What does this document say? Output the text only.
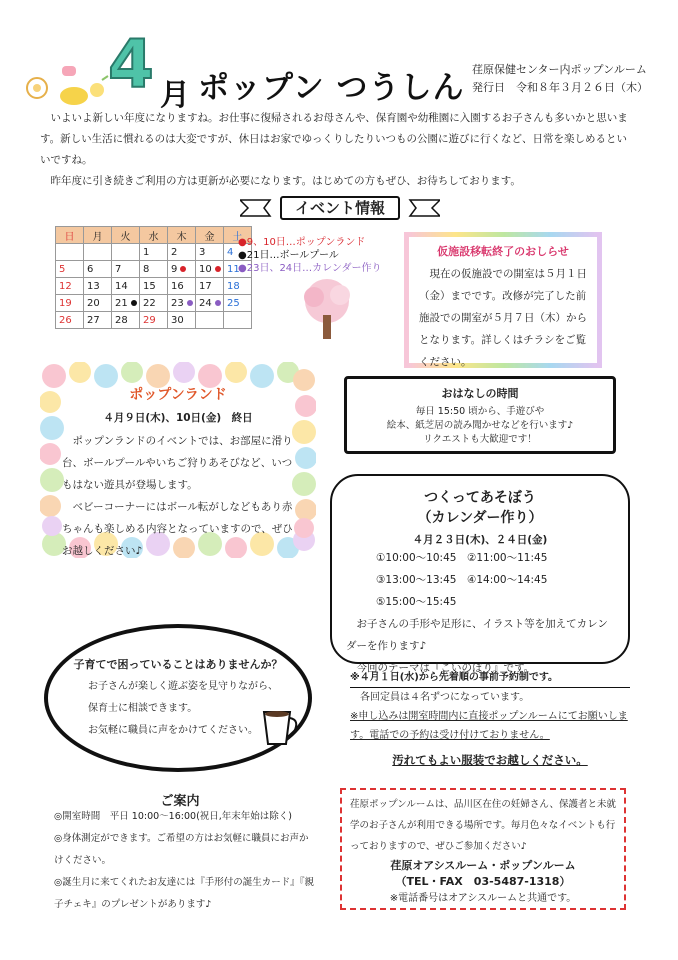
4 月 ポップン つうしん
荏原保健センター内ポップンルーム
発行日　令和８年３月２６日（木）
いよいよ新しい年度になりますね。お仕事に復帰されるお母さんや、保育園や幼稚園に入園するお子さんも多いかと思います。新しい生活に慣れるのは大変ですが、休日はお家でゆっくりしたりいつもの公園に遊びに行くなど、日常を楽しめるといいですね。
昨年度に引き続きご利用の方は更新が必要になります。はじめての方もぜひ、お待ちしております。
イベント情報
日	月	火	水	木	金	土
			1	2	3	4
5	6	7	8	9	10	11
12	13	14	15	16	17	18
19	20	21	22	23	24	25
26	27	28	29	30		
●9、10日…ポップンランド
●21日…ボールプール
●23日、24日…カレンダー作り
仮施設移転終了のおしらせ
現在の仮施設での開室は５月１日（金）までです。改修が完了した前施設での開室が５月７日（木）からとなります。詳しくはチラシをご覧ください。
ポップンランド
４月９日(木)、10日(金)　終日
ポップンランドのイベントでは、お部屋に滑り台、ボールプールやいちご狩りあそびなど、いつもはない遊具が登場します。
ベビーコーナーにはボール転がしなどもあり赤ちゃんも楽しめる内容となっていますので、ぜひお越しください♪
おはなしの時間
毎日 15:50 頃から、手遊びや
絵本、紙芝居の読み聞かせなどを行います♪
リクエストも大歓迎です！
つくってあそぼう
（カレンダー作り）
４月２３日(木)、２４日(金)
①10:00～10:45　 ②11:00～11:45
③13:00～13:45　 ④14:00～14:45
⑤15:00～15:45
お子さんの手形や足形に、イラスト等を加えてカレンダーを作ります♪
今回のテーマは『こいのぼり』です。
※４月１日(水)から先着順の事前予約制です。
各回定員は４名ずつになっています。
※申し込みは開室時間内に直接ポップンルームにてお願いします。電話での予約は受け付けておりません。
汚れてもよい服装でお越しください。
子育てで困っていることはありませんか？
お子さんが楽しく遊ぶ姿を見守りながら、
保育士に相談できます。
お気軽に職員に声をかけてください。
ご案内
◎開室時間　平日 10:00～16:00(祝日,年末年始は除く)
◎身体測定ができます。ご希望の方はお気軽に職員にお声かけください。
◎誕生月に来てくれたお友達には『手形付の誕生カード』『親子チェキ』のプレゼントがあります♪
荏原ポップンルームは、品川区在住の妊婦さん、保護者と未就学のお子さんが利用できる場所です。毎月色々なイベントも行っておりますので、ぜひご参加ください♪
荏原オアシスルーム・ポップンルーム
（TEL・FAX　03-5487-1318）
※電話番号はオアシスルームと共通です。
